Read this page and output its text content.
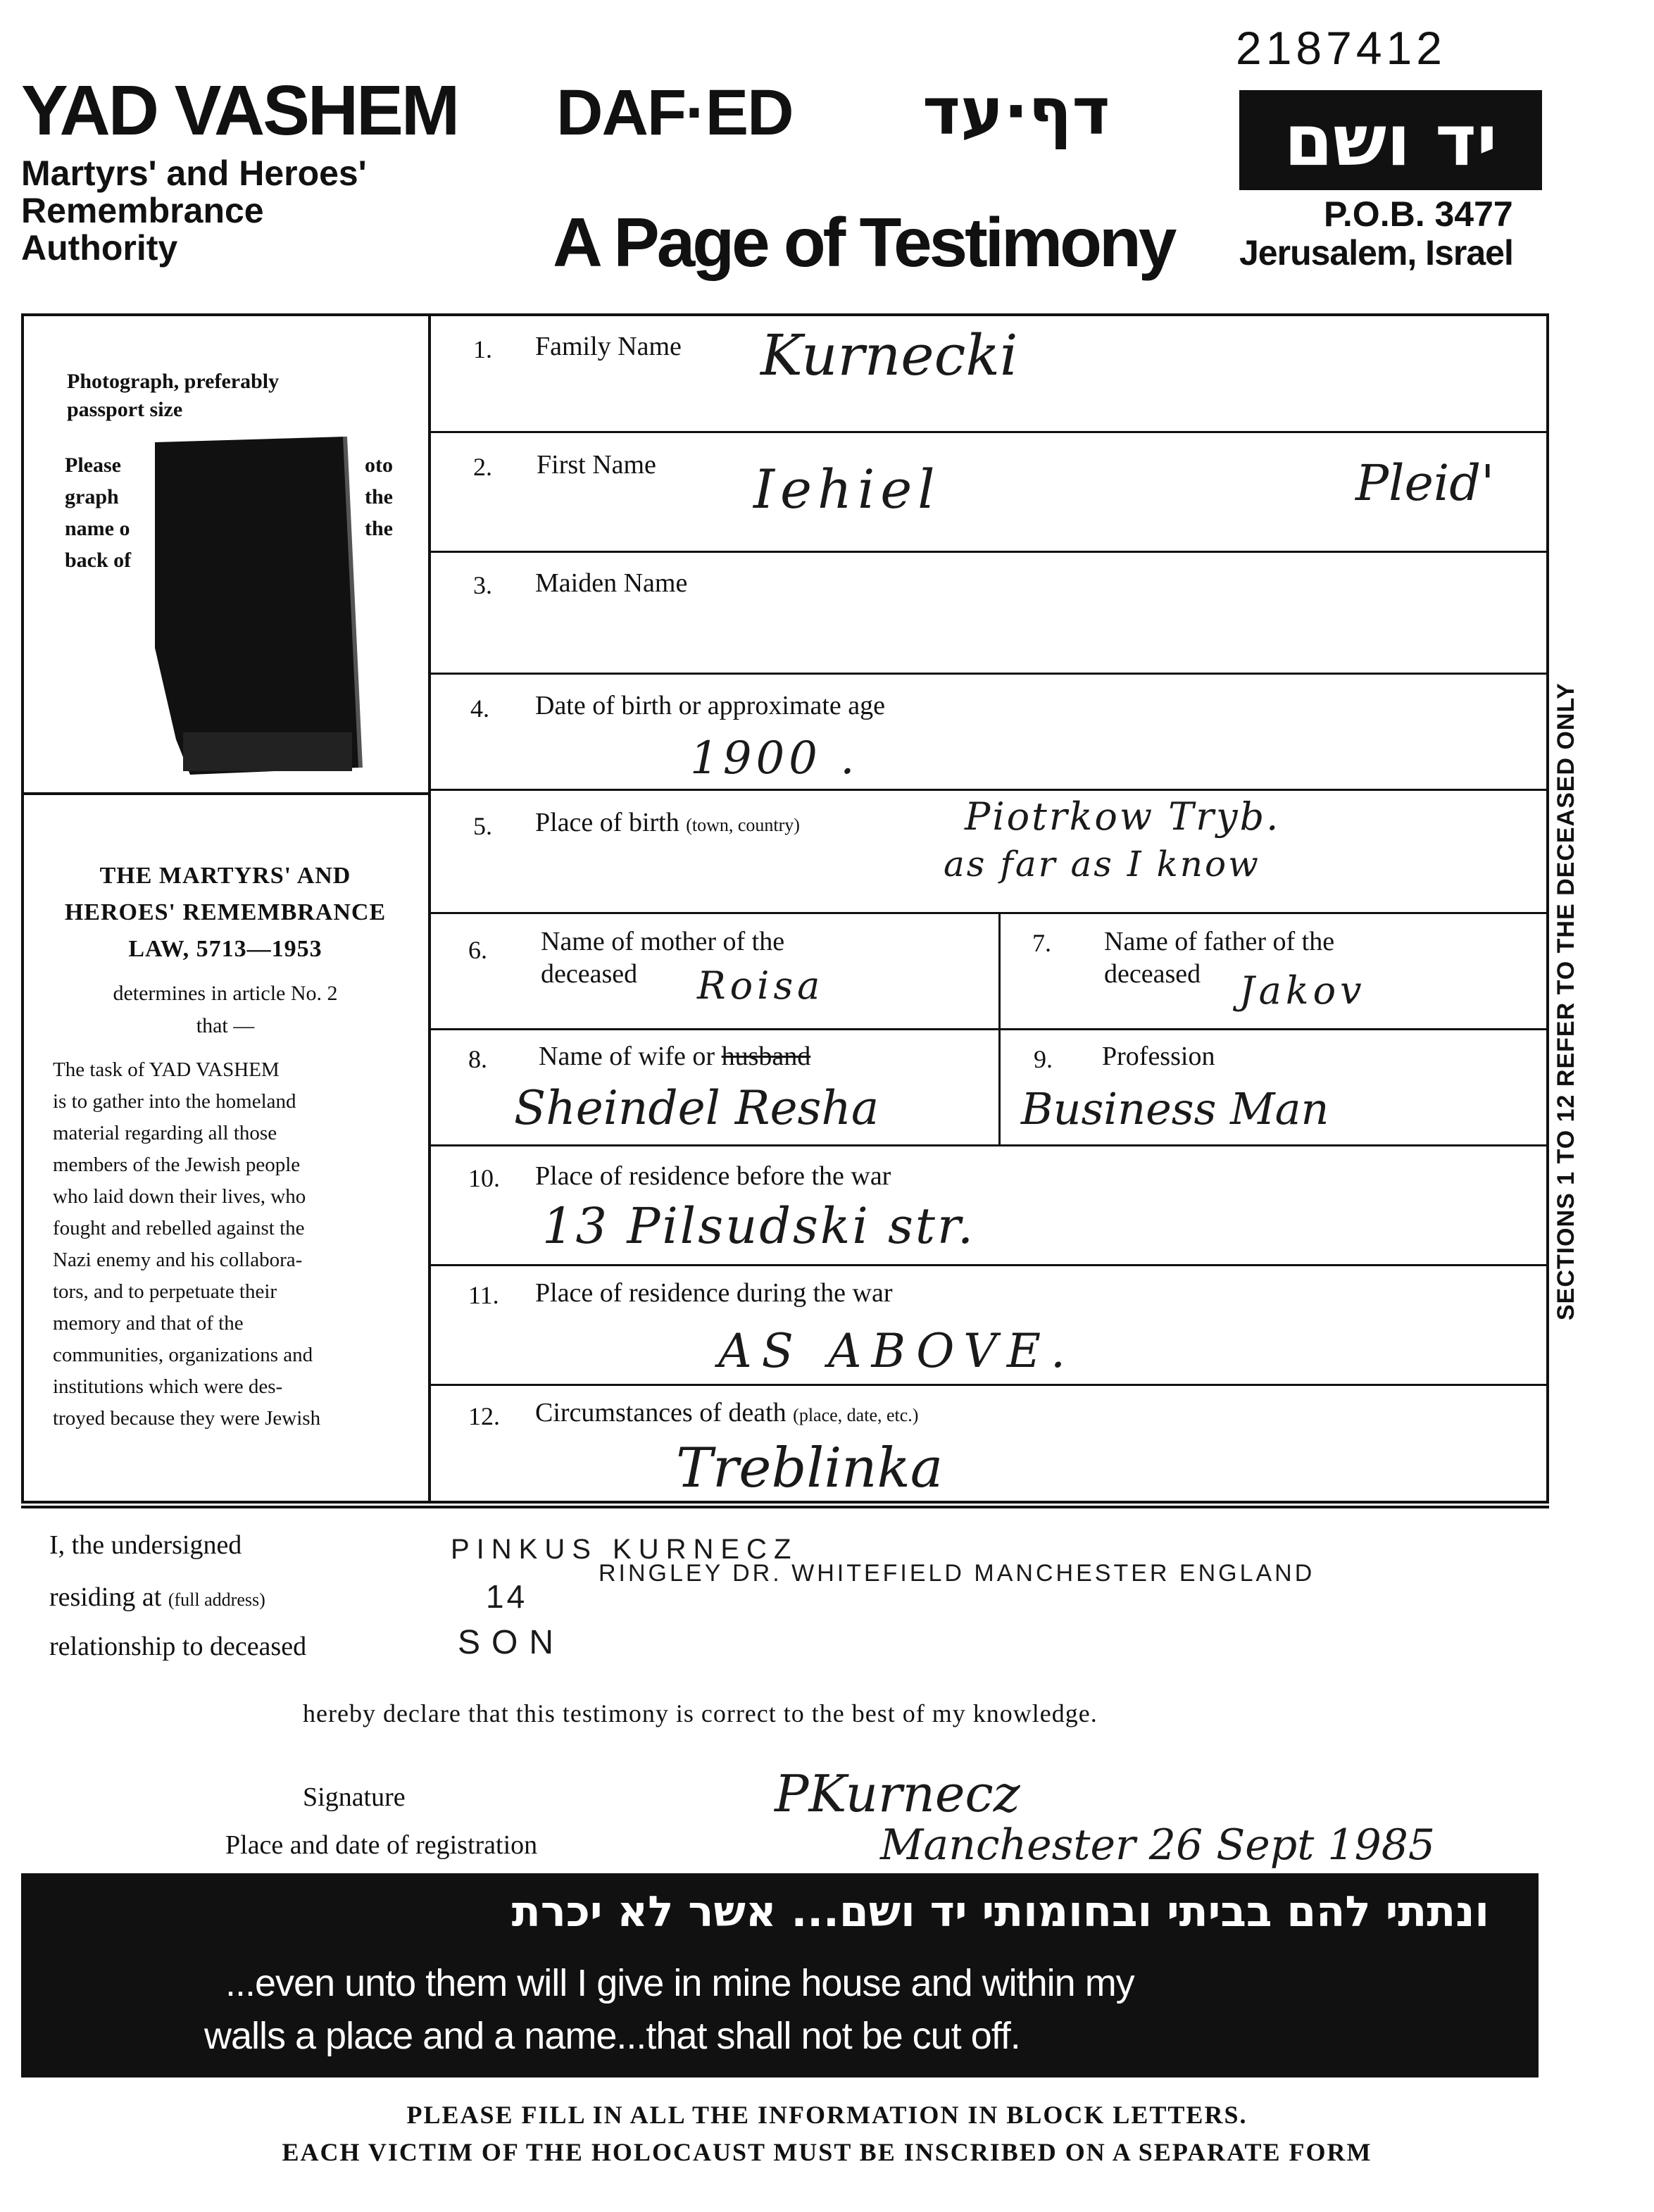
2187412
YAD VASHEM
Martyrs' and Heroes'
Remembrance
Authority
DAF·ED דף·עד
A Page of Testimony
יד ושם
P.O.B. 3477
Jerusalem, Israel
Photograph, preferably
passport size
Please
graph
name o
back of
oto
the
the
THE MARTYRS' AND
HEROES' REMEMBRANCE
LAW, 5713—1953
determines in article No. 2
that —
The task of YAD VASHEM
is to gather into the homeland
material regarding all those
members of the Jewish people
who laid down their lives, who
fought and rebelled against the
Nazi enemy and his collabora-
tors, and to perpetuate their
memory and that of the
communities, organizations and
institutions which were des-
troyed because they were Jewish
1. Family Name Kurnecki
2. First Name Iehiel	Pleid'
3. Maiden Name
4. Date of birth or approximate age
1900 .
5. Place of birth (town, country)	Piotrkow Tryb.
as far as I know
6. Name of mother of the
deceased	Roisa
7. Name of father of the
deceased	Jakov
8. Name of wife or husband
Sheindel Resha
9. Profession
Business Man
10. Place of residence before the war
13 Pilsudski str.
11. Place of residence during the war
AS ABOVE.
12. Circumstances of death (place, date, etc.)
Treblinka
SECTIONS 1 TO 12 REFER TO THE DECEASED ONLY
I, the undersigned	PINKUS KURNECZ
residing at (full address)	14
RINGLEY DR. WHITEFIELD MANCHESTER ENGLAND
relationship to deceased	SON
hereby declare that this testimony is correct to the best of my knowledge.
Signature	PKurnecz
Place and date of registration	Manchester 26 Sept 1985
ונתתי להם בביתי ובחומותי יד ושם... אשר לא יכרת
...even unto them will I give in mine house and within my
walls a place and a name...that shall not be cut off.
PLEASE FILL IN ALL THE INFORMATION IN BLOCK LETTERS.
EACH VICTIM OF THE HOLOCAUST MUST BE INSCRIBED ON A SEPARATE FORM
